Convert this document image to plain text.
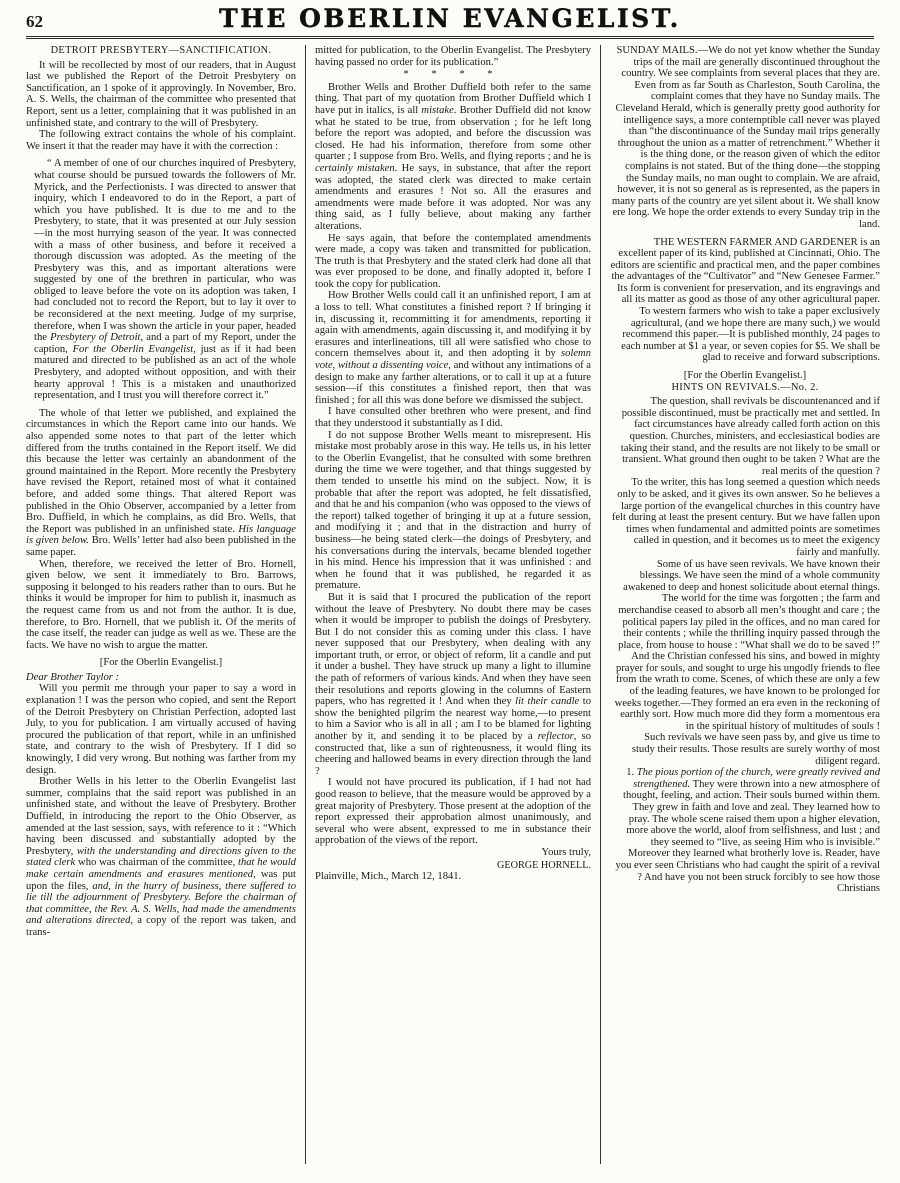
62	THE OBERLIN EVANGELIST.

DETROIT PRESBYTERY—SANCTIFICATION.

It will be recollected by most of our readers, that in August last we published the Report of the Detroit Presbytery on Sanctification, an 1 spoke of it approvingly. In November, Bro. A. S. Wells, the chairman of the committee who presented that Report, sent us a letter, complaining that it was published in an unfinished state, and contrary to the will of Presbytery.

The following extract contains the whole of his complaint. We insert it that the reader may have it with the correction :

“ A member of one of our churches inquired of Presbytery, what course should be pursued towards the followers of Mr. Myrick, and the Perfectionists. I was directed to answer that inquiry, which I endeavored to do in the Report, a part of which you have published. It is due to me and to the Presbytery, to state, that it was presented at our July session—in the most hurrying season of the year. It was connected with a mass of other business, and before it received a thorough discussion was adopted. As the meeting of the Presbytery was this, and as important alterations were suggested by one of the brethren in particular, who was obliged to leave before the vote on its adoption was taken, I had concluded not to record the Report, but to lay it over to be reconsidered at the next meeting. Judge of my surprise, therefore, when I was shown the article in your paper, headed the Presbytery of Detroit, and a part of my Report, under the caption, For the Oberlin Evangelist, just as if it had been matured and directed to be published as an act of the whole Presbytery, and adopted without opposition, and with their hearty approval ! This is a mistaken and unauthorized representation, and I trust you will therefore correct it.”

The whole of that letter we published, and explained the circumstances in which the Report came into our hands. We also appended some notes to that part of the letter which differed from the truths contained in the Report itself. We did this because the letter was certainly an abandonment of the ground maintained in the Report. More recently the Presbytery have revised the Report, retained most of what it contained before, and added some things. That altered Report was published in the Ohio Observer, accompanied by a letter from Bro. Duffield, in which he complains, as did Bro. Wells, that the Report was published in an unfinished state. His language is given below. Bro. Wells’ letter had also been published in the same paper.

When, therefore, we received the letter of Bro. Hornell, given below, we sent it immediately to Bro. Barrows, supposing it belonged to his readers rather than to ours. But he thinks it would be improper for him to publish it, inasmuch as the request came from us and not from the author. It is due, therefore, to Bro. Hornell, that we publish it. Of the merits of the case itself, the reader can judge as well as we. These are the facts. We have no wish to argue the matter.

[For the Oberlin Evangelist.]

Dear Brother Taylor :

Will you permit me through your paper to say a word in explanation ! I was the person who copied, and sent the Report of the Detroit Presbytery on Christian Perfection, adopted last July, to you for publication. I am virtually accused of having procured the publication of that report, while in an unfinished state, and contrary to the wish of Presbytery. If I did so knowingly, I did very wrong. But nothing was farther from my design.

Brother Wells in his letter to the Oberlin Evangelist last summer, complains that the said report was published in an unfinished state, and without the leave of Presbytery. Brother Duffield, in introducing the report to the Ohio Observer, as amended at the last session, says, with reference to it : “Which having been discussed and substantially adopted by the Presbytery, with the understanding and directions given to the stated clerk who was chairman of the committee, that he would make certain amendments and erasures mentioned, was put upon the files, and, in the hurry of business, there suffered to lie till the adjournment of Presbytery. Before the chairman of that committee, the Rev. A. S. Wells, had made the amendments and alterations directed, a copy of the report was taken, and trans-

mitted for publication, to the Oberlin Evangelist. The Presbytery having passed no order for its publication.”

* * * *

Brother Wells and Brother Duffield both refer to the same thing. That part of my quotation from Brother Duffield which I have put in italics, is all mistake. Brother Duffield did not know what he stated to be true, from observation ; for he left long before the report was adopted, and before the discussion was closed. He had his information, therefore from some other quarter ; I suppose from Bro. Wells, and flying reports ; and he is certainly mistaken. He says, in substance, that after the report was adopted, the stated clerk was directed to make certain amendments and erasures ! Not so. All the erasures and amendments were made before it was adopted. Nor was any thing said, as I fully believe, about making any farther alterations.

He says again, that before the contemplated amendments were made, a copy was taken and transmitted for publication. The truth is that Presbytery and the stated clerk had done all that was ever proposed to be done, and finally adopted it, before I took the copy for publication.

How Brother Wells could call it an unfinished report, I am at a loss to tell. What constitutes a finished report ? If bringing it in, discussing it, recommitting it for amendments, reporting it again with amendments, again discussing it, and modifying it by erasures and interlineations, till all were satisfied who chose to concern themselves about it, and then adopting it by solemn vote, without a dissenting voice, and without any intimations of a design to make any farther alterations, or to call it up at a future session—if this constitutes a finished report, then that was finished ; for all this was done before we dismissed the subject.

I have consulted other brethren who were present, and find that they understood it substantially as I did.

I do not suppose Brother Wells meant to misrepresent. His mistake most probably arose in this way. He tells us, in his letter to the Oberlin Evangelist, that he consulted with some brethren during the time we were together, and that things suggested by them tended to unsettle his mind on the subject. Now, it is probable that after the report was adopted, he felt dissatisfied, and that he and his companion (who was opposed to the views of the report) talked together of bringing it up at a future session, and modifying it ; and that in the distraction and hurry of business—he being stated clerk—the doings of Presbytery, and his conversations during the intervals, became blended together in his mind. Hence his impression that it was unfinished : and when he found that it was published, he regarded it as premature.

But it is said that I procured the publication of the report without the leave of Presbytery. No doubt there may be cases when it would be improper to publish the doings of Presbytery. But I do not consider this as coming under this class. I have never supposed that our Presbytery, when dealing with any important truth, or error, or object of reform, lit a candle and put it under a bushel. They have struck up many a light to illumine the path of reformers of various kinds. And when they have seen their resolutions and reports glowing in the columns of Eastern papers, who has regretted it ! And when they lit their candle to show the benighted pilgrim the nearest way home,—to present to him a Savior who is all in all ; am I to be blamed for lighting another by it, and sending it to be placed by a reflector, so constructed that, like a sun of righteousness, it would fling its cheering and hallowed beams in every direction through the land ?

I would not have procured its publication, if I had not had good reason to believe, that the measure would be approved by a great majority of Presbytery. Those present at the adoption of the report expressed their approbation almost unanimously, and several who were absent, expressed to me in substance their approbation of the views of the report.

Yours truly,

GEORGE HORNELL.

Plainville, Mich., March 12, 1841.

SUNDAY MAILS.—We do not yet know whether the Sunday trips of the mail are generally discontinued throughout the country. We see complaints from several places that they are. Even from as far South as Charleston, South Carolina, the complaint comes that they have no Sunday mails. The Cleveland Herald, which is generally pretty good authority for intelligence says, a more contemptible call never was played than “the discontinuance of the Sunday mail trips generally throughout the union as a matter of retrenchment.” Whether it is the thing done, or the reason given of which the editor complains is not stated. But of the thing done—the stopping the Sunday mails, no man ought to complain. We are afraid, however, it is not so general as is represented, as the papers in many parts of the country are yet silent about it. We shall know ere long. We hope the order extends to every Sunday trip in the land.

THE WESTERN FARMER AND GARDENER is an excellent paper of its kind, published at Cincinnati, Ohio. The editors are scientific and practical men, and the paper combines the advantages of the “Cultivator” and “New Genesee Farmer.” Its form is convenient for preservation, and its engravings and all its matter as good as those of any other agricultural paper. To western farmers who wish to take a paper exclusively agricultural, (and we hope there are many such,) we would recommend this paper.—It is published monthly, 24 pages to each number at $1 a year, or seven copies for $5. We shall be glad to receive and forward subscriptions.

[For the Oberlin Evangelist.]

HINTS ON REVIVALS.—No. 2.

The question, shall revivals be discountenanced and if possible discontinued, must be practically met and settled. In fact circumstances have already called forth action on this question. Churches, ministers, and ecclesiastical bodies are taking their stand, and the results are not likely to be small or transient. What ground then ought to be taken ? What are the real merits of the question ?

To the writer, this has long seemed a question which needs only to be asked, and it gives its own answer. So he believes a large portion of the evangelical churches in this country have felt during at least the present century. But we have fallen upon times when fundamental and admitted points are sometimes called in question, and it becomes us to meet the exigency fairly and manfully.

Some of us have seen revivals. We have known their blessings. We have seen the mind of a whole community awakened to deep and honest solicitude about eternal things. The world for the time was forgotten ; the farm and merchandise ceased to absorb all men’s thought and care ; the political papers lay piled in the offices, and no man cared for their contents ; while the thrilling inquiry passed through the place, from house to house : “What shall we do to be saved !” And the Christian confessed his sins, and bowed in mighty prayer for souls, and sought to urge his ungodly friends to flee from the wrath to come. Scenes, of which these are only a few of the leading features, we have known to be prolonged for weeks together.—They formed an era even in the reckoning of earthly sort. How much more did they form a momentous era in the spiritual history of multitudes of souls !

Such revivals we have seen pass by, and give us time to study their results. Those results are surely worthy of most diligent regard.

1. The pious portion of the church, were greatly revived and strengthened. They were thrown into a new atmosphere of thought, feeling, and action. Their souls burned within them. They grew in faith and love and zeal. They learned how to pray. The whole scene raised them upon a higher elevation, more above the world, aloof from selfishness, and lust ; and they seemed to “live, as seeing Him who is invisible.”

Moreover they learned what brotherly love is. Reader, have you ever seen Christians who had caught the spirit of a revival ? And have you not been struck forcibly to see how those Christians
